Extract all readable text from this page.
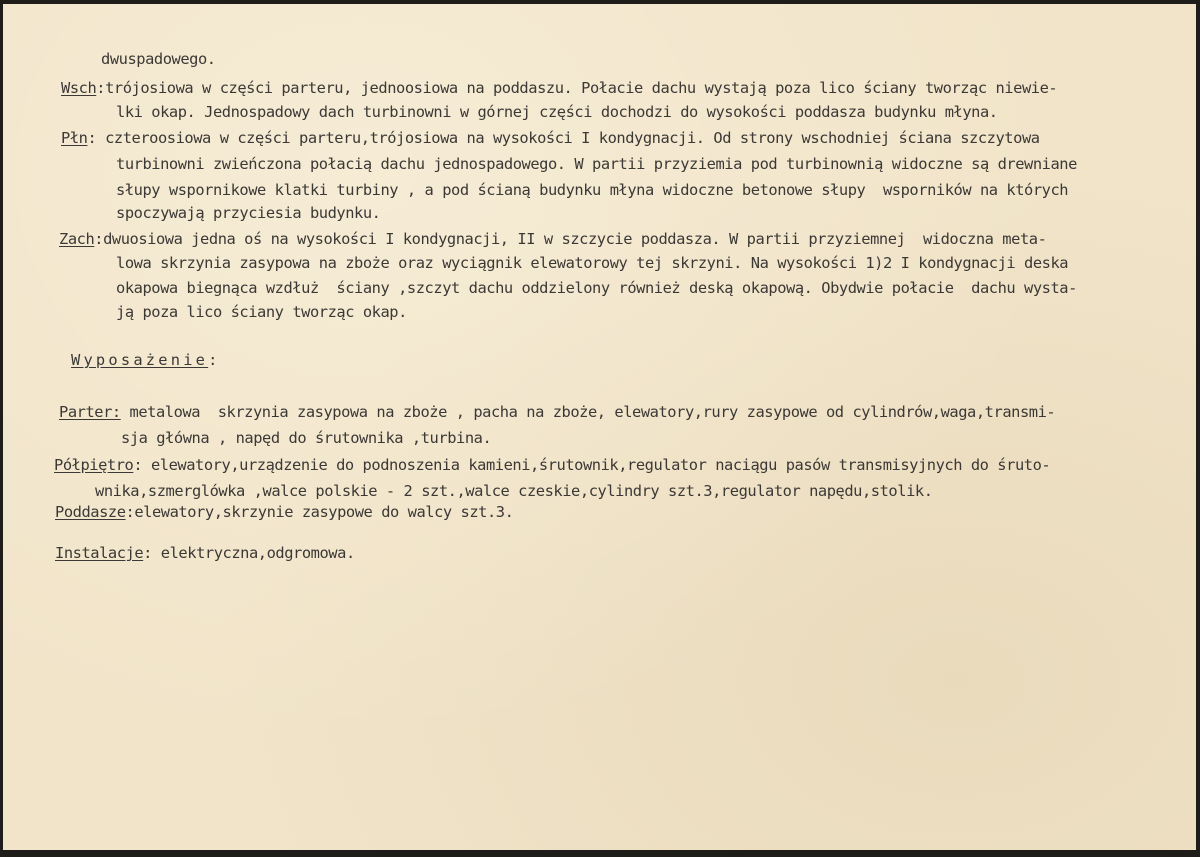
dwuspadowego.
Wsch:trójosiowa w części parteru, jednoosiowa na poddaszu. Połacie dachu wystają poza lico ściany tworząc niewie-
lki okap. Jednospadowy dach turbinowni w górnej części dochodzi do wysokości poddasza budynku młyna.
Płn: czteroosiowa w części parteru,trójosiowa na wysokości I kondygnacji. Od strony wschodniej ściana szczytowa
turbinowni zwieńczona połacią dachu jednospadowego. W partii przyziemia pod turbinownią widoczne są drewniane
słupy wspornikowe klatki turbiny , a pod ścianą budynku młyna widoczne betonowe słupy  wsporników na których
spoczywają przyciesia budynku.
Zach:dwuosiowa jedna oś na wysokości I kondygnacji, II w szczycie poddasza. W partii przyziemnej  widoczna meta-
lowa skrzynia zasypowa na zboże oraz wyciągnik elewatorowy tej skrzyni. Na wysokości 1)2 I kondygnacji deska
okapowa biegnąca wzdłuż  ściany ,szczyt dachu oddzielony również deską okapową. Obydwie połacie  dachu wysta-
ją poza lico ściany tworząc okap.
Wyposażenie:
Parter: metalowa  skrzynia zasypowa na zboże , pacha na zboże, elewatory,rury zasypowe od cylindrów,waga,transmi-
sja główna , napęd do śrutownika ,turbina.
Półpiętro: elewatory,urządzenie do podnoszenia kamieni,śrutownik,regulator naciągu pasów transmisyjnych do śruto-
wnika,szmerglówka ,walce polskie - 2 szt.,walce czeskie,cylindry szt.3,regulator napędu,stolik.
Poddasze:elewatory,skrzynie zasypowe do walcy szt.3.
Instalacje: elektryczna,odgromowa.
